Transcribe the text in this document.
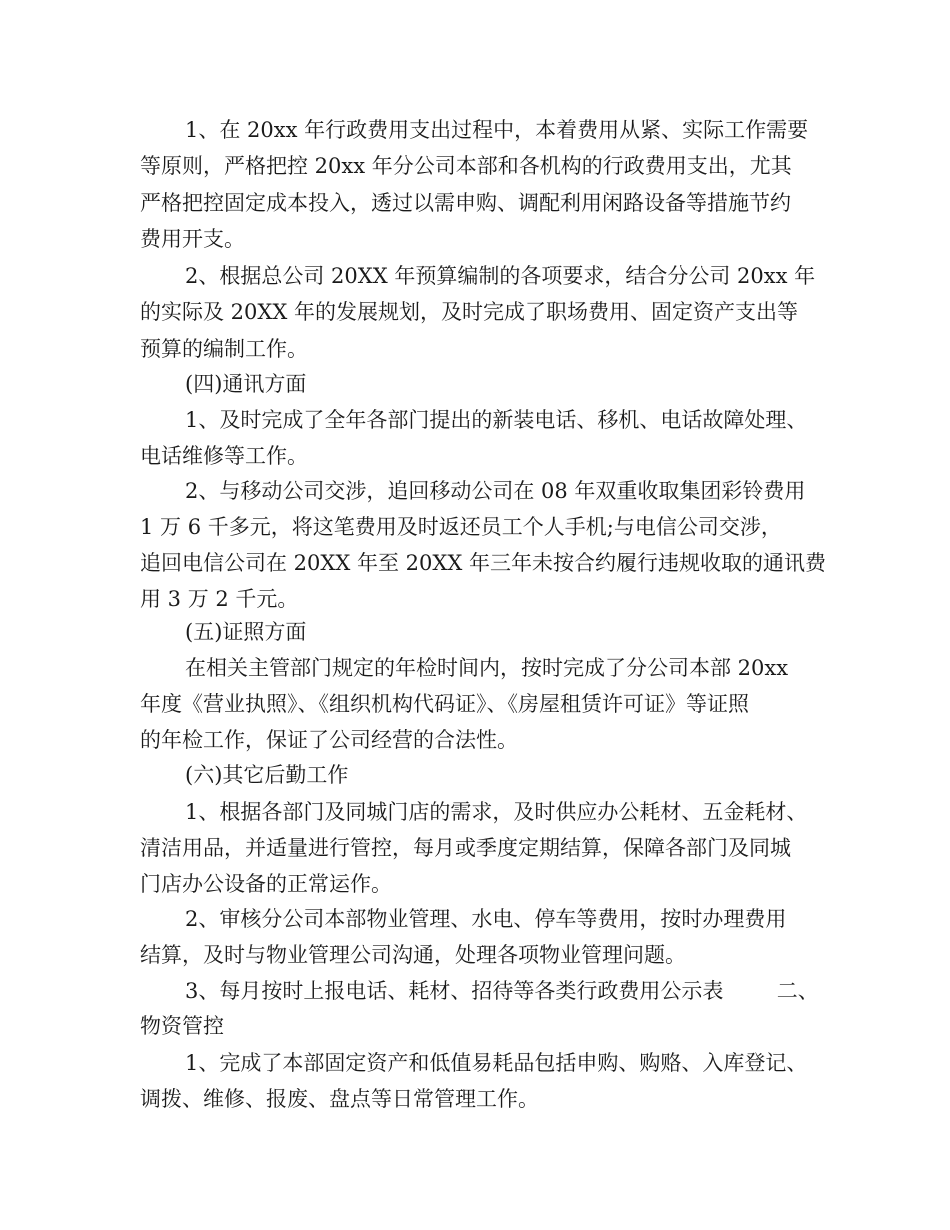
1、在 20xx 年行政费用支出过程中，本着费用从紧、实际工作需要

等原则，严格把控 20xx 年分公司本部和各机构的行政费用支出，尤其

严格把控固定成本投入，透过以需申购、调配利用闲路设备等措施节约

费用开支。

2、根据总公司 20XX 年预算编制的各项要求，结合分公司 20xx 年

的实际及 20XX 年的发展规划，及时完成了职场费用、固定资产支出等

预算的编制工作。

(四)通讯方面

1、及时完成了全年各部门提出的新装电话、移机、电话故障处理、

电话维修等工作。

2、与移动公司交涉，追回移动公司在 08 年双重收取集团彩铃费用

1 万 6 千多元，将这笔费用及时返还员工个人手机;与电信公司交涉，

追回电信公司在 20XX 年至 20XX 年三年未按合约履行违规收取的通讯费

用 3 万 2 千元。

(五)证照方面

在相关主管部门规定的年检时间内，按时完成了分公司本部 20xx

年度《营业执照》、《组织机构代码证》、《房屋租赁许可证》等证照

的年检工作，保证了公司经营的合法性。

(六)其它后勤工作

1、根据各部门及同城门店的需求，及时供应办公耗材、五金耗材、

清洁用品，并适量进行管控，每月或季度定期结算，保障各部门及同城

门店办公设备的正常运作。

2、审核分公司本部物业管理、水电、停车等费用，按时办理费用

结算，及时与物业管理公司沟通，处理各项物业管理问题。

3、每月按时上报电话、耗材、招待等各类行政费用公示表        二、

物资管控

1、完成了本部固定资产和低值易耗品包括申购、购赂、入库登记、

调拨、维修、报废、盘点等日常管理工作。
